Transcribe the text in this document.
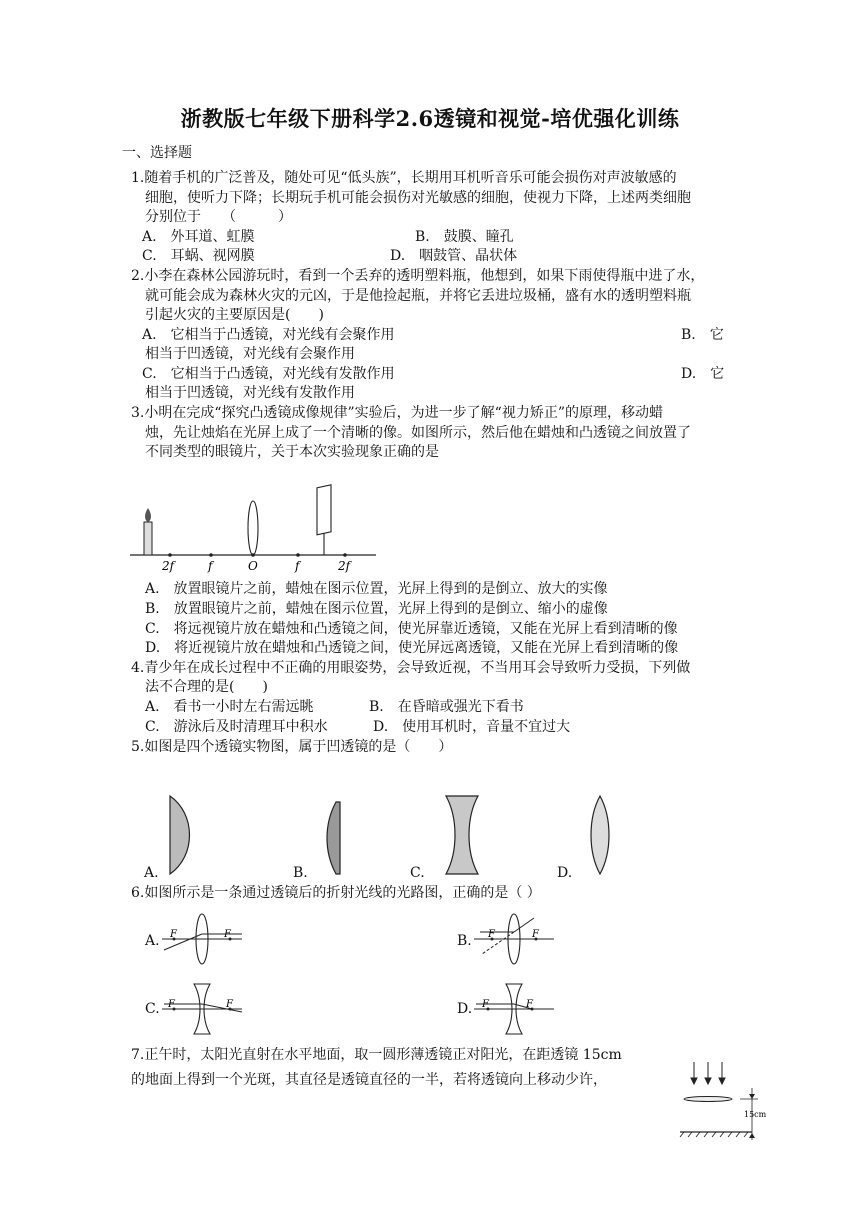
浙教版七年级下册科学2.6透镜和视觉-培优强化训练
一、选择题
1.随着手机的广泛普及，随处可见“低头族”，长期用耳机听音乐可能会损伤对声波敏感的
细胞，使听力下降；长期玩手机可能会损伤对光敏感的细胞，使视力下降，上述两类细胞
分别位于　　（　　　）
A.　外耳道、虹膜	B.　鼓膜、瞳孔
C.　耳蜗、视网膜	D.　咽鼓管、晶状体
2.小李在森林公园游玩时，看到一个丢弃的透明塑料瓶，他想到，如果下雨使得瓶中进了水，
就可能会成为森林火灾的元凶，于是他捡起瓶，并将它丢进垃圾桶，盛有水的透明塑料瓶
引起火灾的主要原因是(　　)
A.　它相当于凸透镜，对光线有会聚作用	B.　它
相当于凹透镜，对光线有会聚作用
C.　它相当于凸透镜，对光线有发散作用	D.　它
相当于凹透镜，对光线有发散作用
3.小明在完成“探究凸透镜成像规律”实验后，为进一步了解“视力矫正”的原理，移动蜡
烛，先让烛焰在光屏上成了一个清晰的像。如图所示，然后他在蜡烛和凸透镜之间放置了
不同类型的眼镜片，关于本次实验现象正确的是
2f	f	O	f	2f
A.　放置眼镜片之前，蜡烛在图示位置，光屏上得到的是倒立、放大的实像
B.　放置眼镜片之前，蜡烛在图示位置，光屏上得到的是倒立、缩小的虚像
C.　将远视镜片放在蜡烛和凸透镜之间，使光屏靠近透镜，又能在光屏上看到清晰的像
D.　将近视镜片放在蜡烛和凸透镜之间，使光屏远离透镜，又能在光屏上看到清晰的像
4.青少年在成长过程中不正确的用眼姿势，会导致近视，不当用耳会导致听力受损，下列做
法不合理的是(　　)
A.　看书一小时左右需远眺	B.　在昏暗或强光下看书
C.　游泳后及时清理耳中积水	D.　使用耳机时，音量不宜过大
5.如图是四个透镜实物图，属于凹透镜的是（　　）
A.	B.	C.	D.
6.如图所示是一条通过透镜后的折射光线的光路图，正确的是（ ）
A. F	F	B. F	F
C. F	F	D. F	F
7.正午时，太阳光直射在水平地面，取一圆形薄透镜正对阳光，在距透镜 15cm
的地面上得到一个光斑，其直径是透镜直径的一半，若将透镜向上移动少许，
15cm
